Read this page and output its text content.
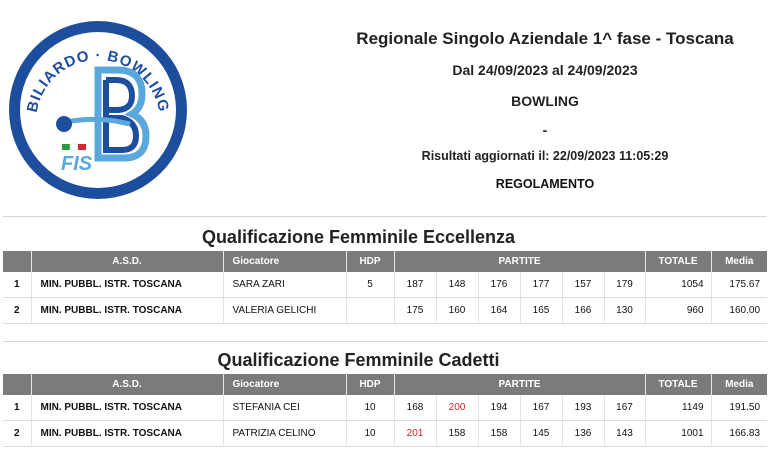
BILIARDO · BOWLING
FIS
Regionale Singolo Aziendale 1^ fase - Toscana
Dal 24/09/2023 al 24/09/2023
BOWLING
-
Risultati aggiornati il: 22/09/2023 11:05:29
REGOLAMENTO
Qualificazione Femminile Eccellenza
	A.S.D.	Giocatore	HDP	PARTITE						TOTALE	Media
1	MIN. PUBBL. ISTR. TOSCANA	SARA ZARI	5	187	148	176	177	157	179	1054	175.67
2	MIN. PUBBL. ISTR. TOSCANA	VALERIA GELICHI		175	160	164	165	166	130	960	160.00
Qualificazione Femminile Cadetti
	A.S.D.	Giocatore	HDP	PARTITE						TOTALE	Media
1	MIN. PUBBL. ISTR. TOSCANA	STEFANIA CEI	10	168	200	194	167	193	167	1149	191.50
2	MIN. PUBBL. ISTR. TOSCANA	PATRIZIA CELINO	10	201	158	158	145	136	143	1001	166.83
